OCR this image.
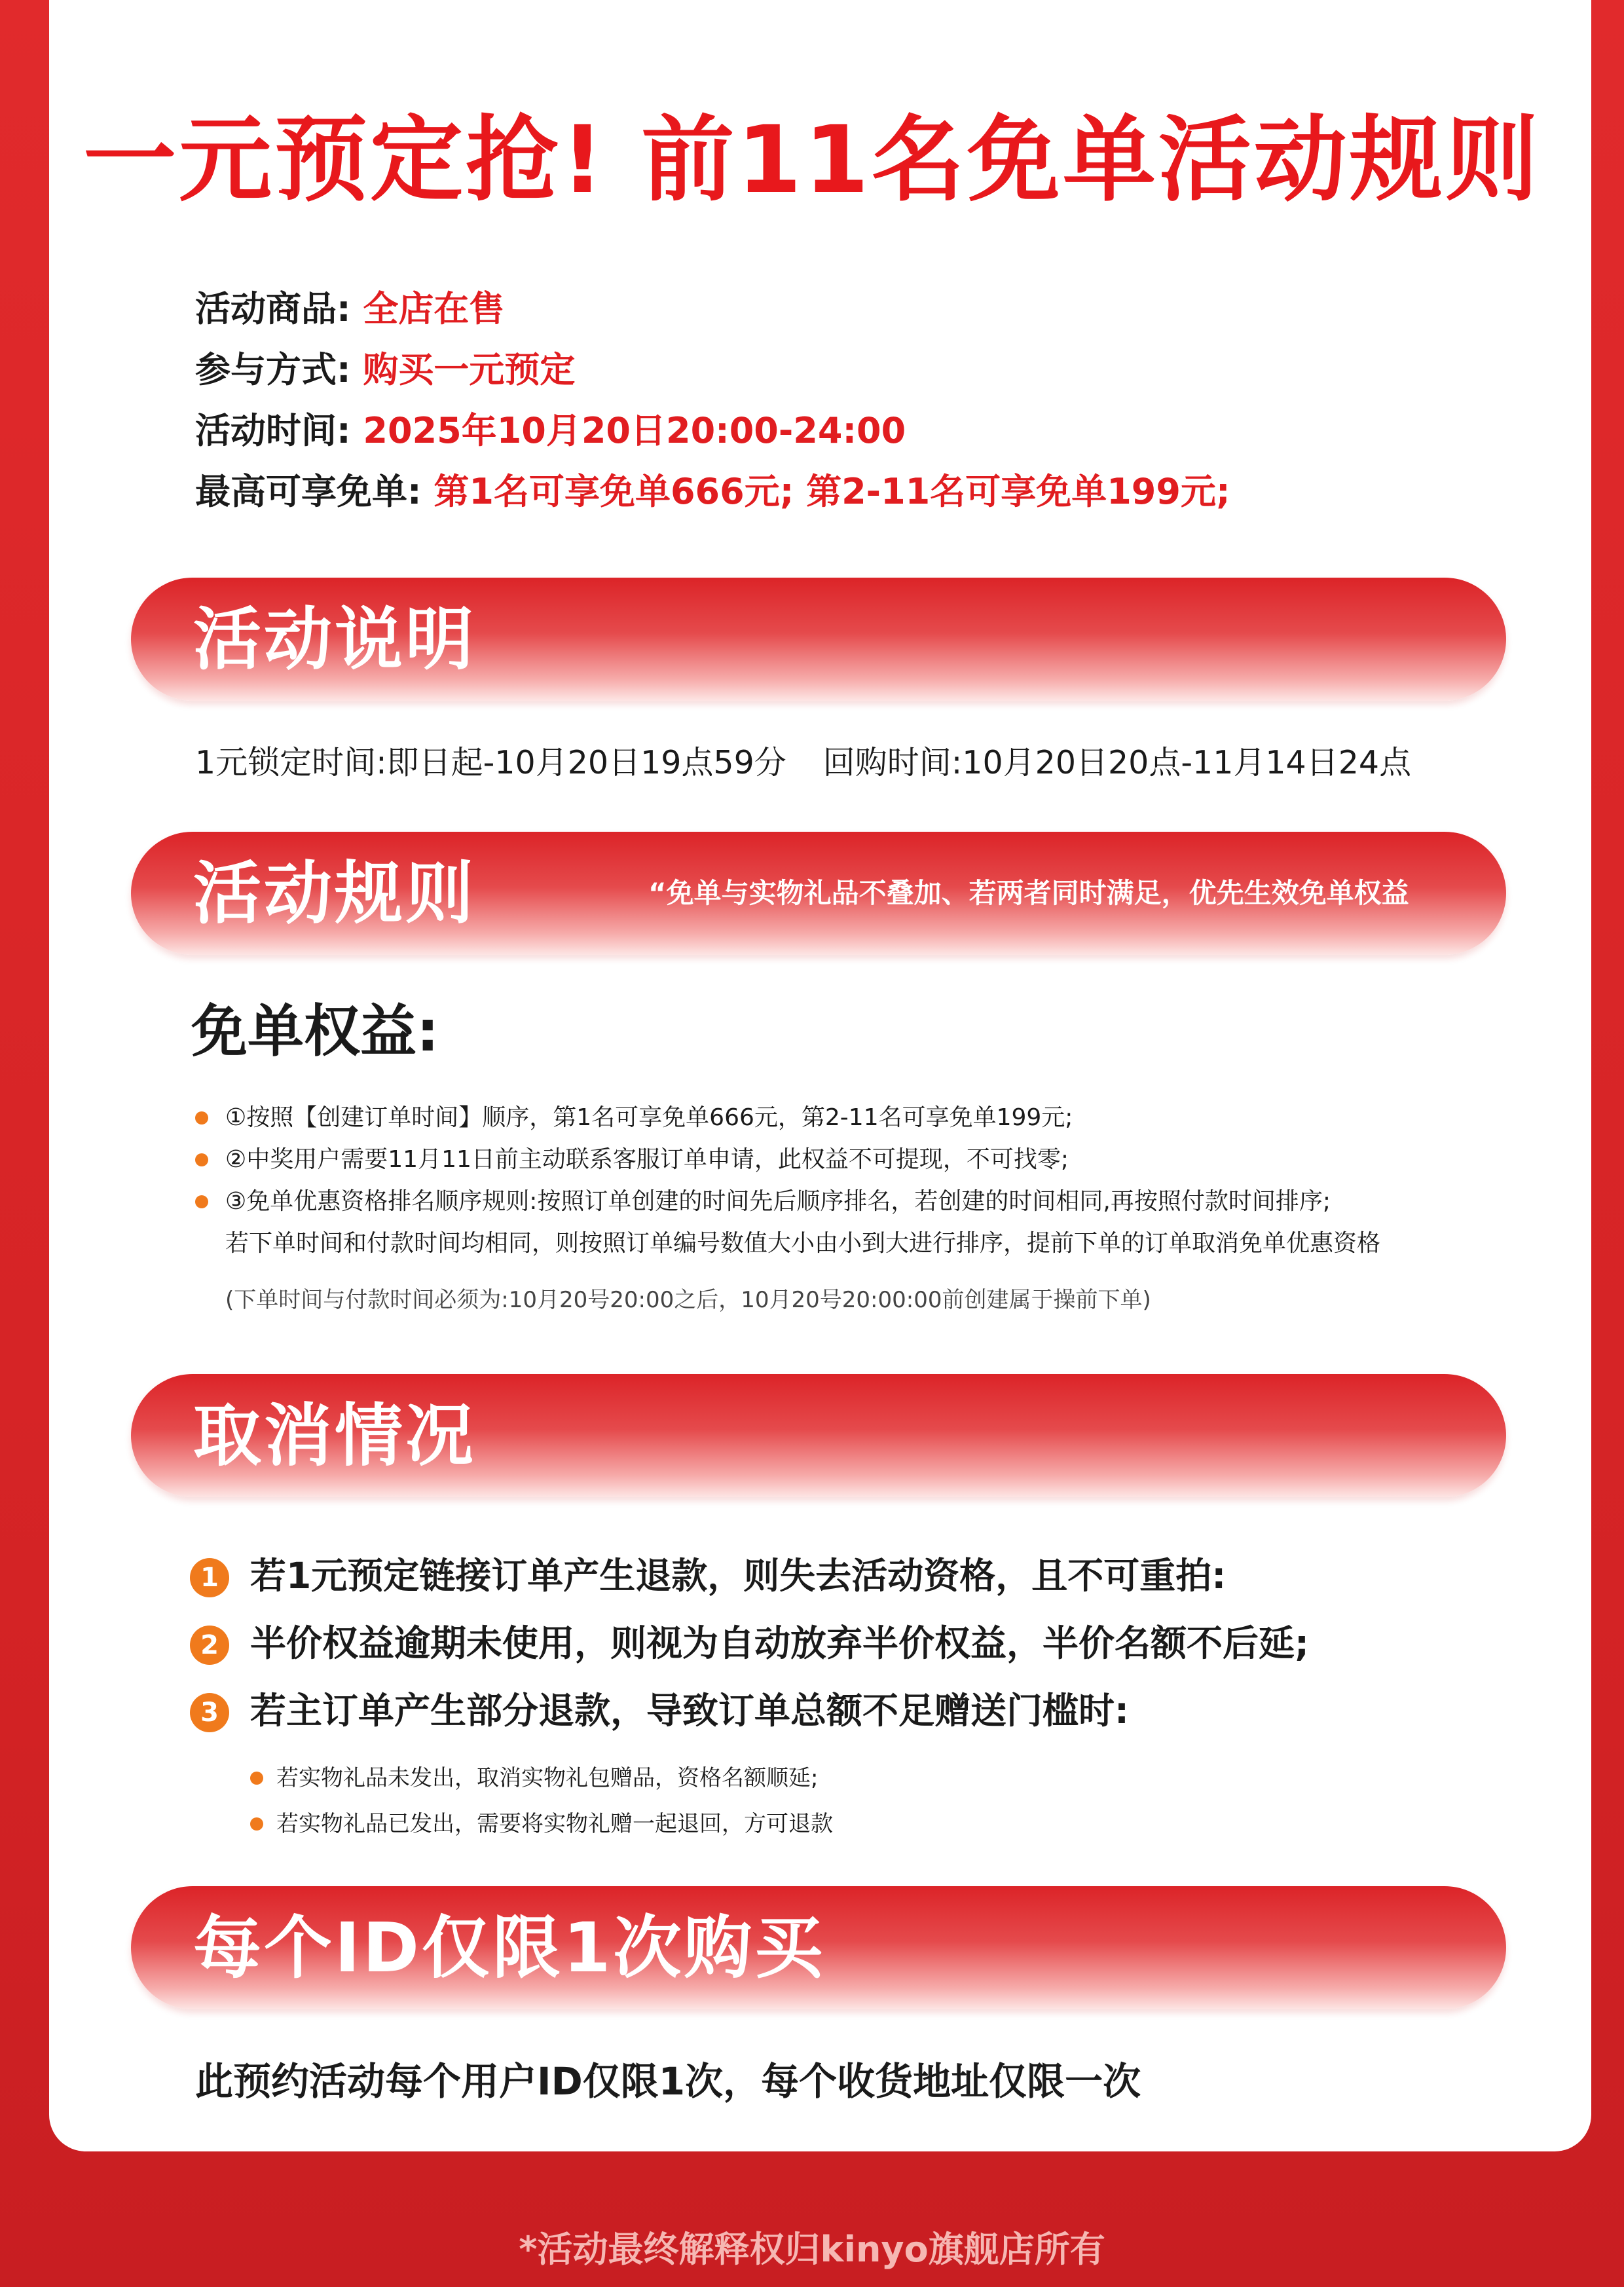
一元预定抢! 前11名免单活动规则
活动商品: 全店在售
参与方式: 购买一元预定
活动时间: 2025年10月20日20:00-24:00
最高可享免单: 第1名可享免单666元; 第2-11名可享免单199元;
活动说明
1元锁定时间:即日起-10月20日19点59分 回购时间:10月20日20点-11月14日24点
活动规则	“免单与实物礼品不叠加、若两者同时满足，优先生效免单权益
免单权益:
①按照【创建订单时间】顺序，第1名可享免单666元，第2-11名可享免单199元;
②中奖用户需要11月11日前主动联系客服订单申请，此权益不可提现，不可找零;
③免单优惠资格排名顺序规则:按照订单创建的时间先后顺序排名，若创建的时间相同,再按照付款时间排序;
若下单时间和付款时间均相同，则按照订单编号数值大小由小到大进行排序，提前下单的订单取消免单优惠资格
(下单时间与付款时间必须为:10月20号20:00之后，10月20号20:00:00前创建属于操前下单)
取消情况
1 若1元预定链接订单产生退款，则失去活动资格，且不可重拍:
2 半价权益逾期未使用，则视为自动放弃半价权益，半价名额不后延;
3 若主订单产生部分退款，导致订单总额不足赠送门槛时:
若实物礼品未发出，取消实物礼包赠品，资格名额顺延;
若实物礼品已发出，需要将实物礼赠一起退回，方可退款
每个ID仅限1次购买
此预约活动每个用户ID仅限1次，每个收货地址仅限一次
*活动最终解释权归kinyo旗舰店所有
